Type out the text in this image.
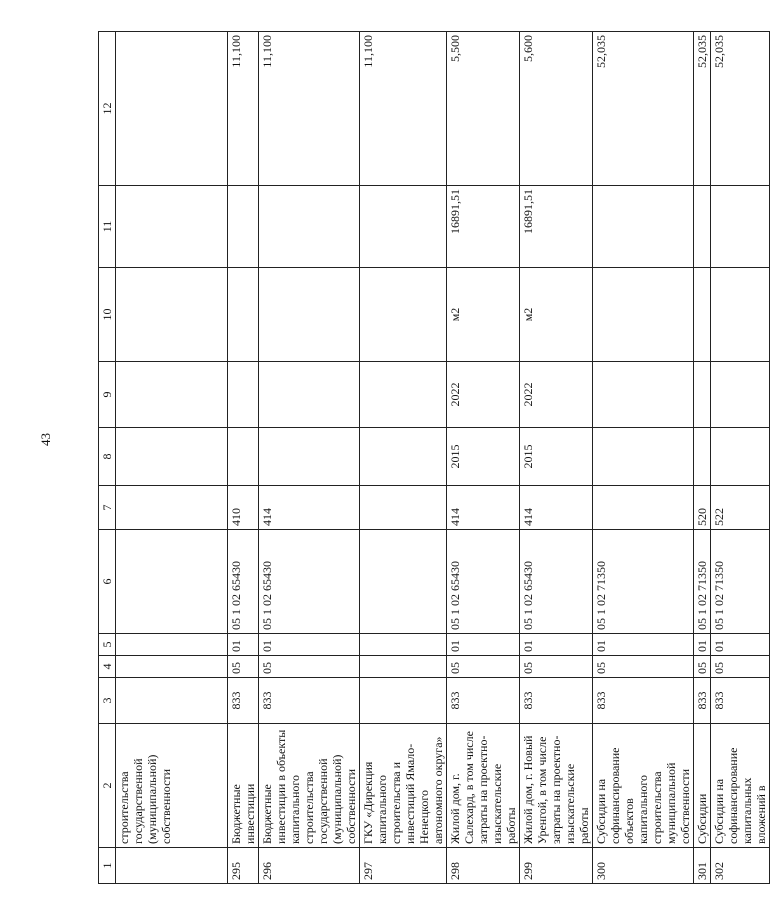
43
1	2	3	4	5	6	7	8	9	10	11	12
	строительства государственной (муниципальной) собственности										
295	Бюджетные инвестиции	833	05	01	05 1 02 65430	410					11,100
296	Бюджетные инвестиции в объекты капитального строительства государственной (муниципальной) собственности	833	05	01	05 1 02 65430	414					11,100
297	ГКУ «Дирекция капитального строительства и инвестиций Ямало-Ненецкого автономного округа»										11,100
298	Жилой дом, г. Салехард, в том числе затраты на проектно-изыскательские работы	833	05	01	05 1 02 65430	414	2015	2022	м2	16891,51	5,500
299	Жилой дом, г. Новый Уренгой, в том числе затраты на проектно-изыскательские работы	833	05	01	05 1 02 65430	414	2015	2022	м2	16891,51	5,600
300	Субсидии на софинансирование объектов капитального строительства муниципальной собственности	833	05	01	05 1 02 71350						52,035
301	Субсидии	833	05	01	05 1 02 71350	520					52,035
302	Субсидии на софинансирование капитальных вложений в	833	05	01	05 1 02 71350	522					52,035
